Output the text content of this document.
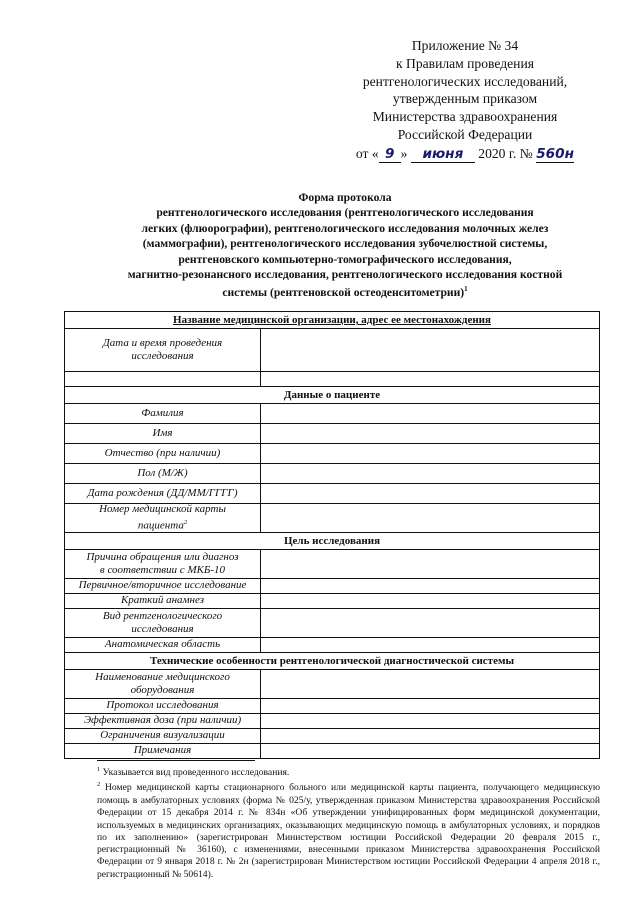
Приложение № 34
к Правилам проведения
рентгенологических исследований,
утвержденным приказом
Министерства здравоохранения
Российской Федерации
от « 9 » июня 2020 г. № 560н
Форма протокола
рентгенологического исследования (рентгенологического исследования
легких (флюорографии), рентгенологического исследования молочных желез
(маммографии), рентгенологического исследования зубочелюстной системы,
рентгеновского компьютерно-томографического исследования,
магнитно-резонансного исследования, рентгенологического исследования костной
системы (рентгеновской остеоденситометрии)$^1$
Название медицинской организации, адрес ее местонахождения
Дата и время проведения
исследования
Данные о пациенте
Фамилия
Имя
Отчество (при наличии)
Пол (М/Ж)
Дата рождения (ДД/ММ/ГГГГ)
Номер медицинской карты
пациента$^2$
Цель исследования
Причина обращения или диагноз
в соответствии с МКБ-10
Первичное/вторичное исследование
Краткий анамнез
Вид рентгенологического
исследования
Анатомическая область
Технические особенности рентгенологической диагностической системы
Наименование медицинского
оборудования
Протокол исследования
Эффективная доза (при наличии)
Ограничения визуализации
Примечания

$^1$ Указывается вид проведенного исследования.

$^2$ Номер медицинской карты стационарного больного или медицинской карты пациента, получающего медицинскую помощь в амбулаторных условиях (форма № 025/у, утвержденная приказом Министерства здравоохранения Российской Федерации от 15 декабря 2014 г. № 834н «Об утверждении унифицированных форм медицинской документации, используемых в медицинских организациях, оказывающих медицинскую помощь в амбулаторных условиях, и порядков по их заполнению» (зарегистрирован Министерством юстиции Российской Федерации 20 февраля 2015 г., регистрационный № 36160), с изменениями, внесенными приказом Министерства здравоохранения Российской Федерации от 9 января 2018 г. № 2н (зарегистрирован Министерством юстиции Российской Федерации 4 апреля 2018 г., регистрационный № 50614).
